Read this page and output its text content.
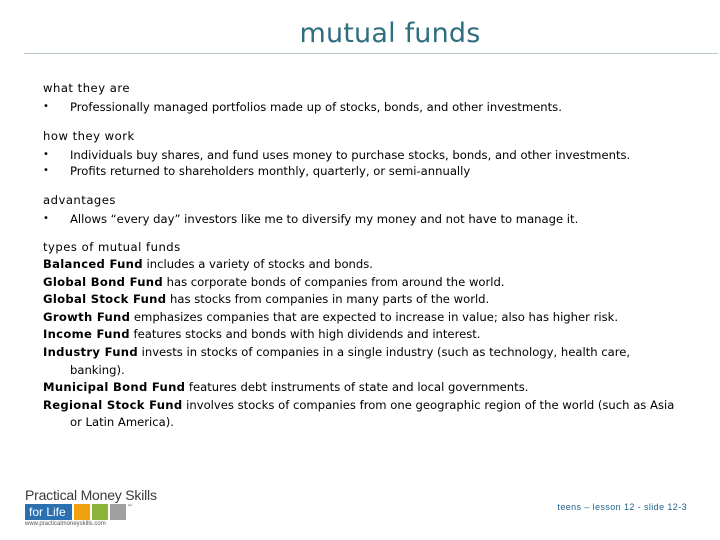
mutual funds
what they are
• Professionally managed portfolios made up of stocks, bonds, and other investments.
how they work
• Individuals buy shares, and fund uses money to purchase stocks, bonds, and other investments.
• Profits returned to shareholders monthly, quarterly, or semi-annually
advantages
• Allows “every day” investors like me to diversify my money and not have to manage it.
types of mutual funds
Balanced Fund includes a variety of stocks and bonds.
Global Bond Fund has corporate bonds of companies from around the world.
Global Stock Fund has stocks from companies in many parts of the world.
Growth Fund emphasizes companies that are expected to increase in value; also has higher risk.
Income Fund features stocks and bonds with high dividends and interest.
Industry Fund invests in stocks of companies in a single industry (such as technology, health care, banking).
Municipal Bond Fund features debt instruments of state and local governments.
Regional Stock Fund involves stocks of companies from one geographic region of the world (such as Asia or Latin America).
Practical Money Skills
for Life	™
www.practicalmoneyskills.com
teens – lesson 12 - slide 12-3
